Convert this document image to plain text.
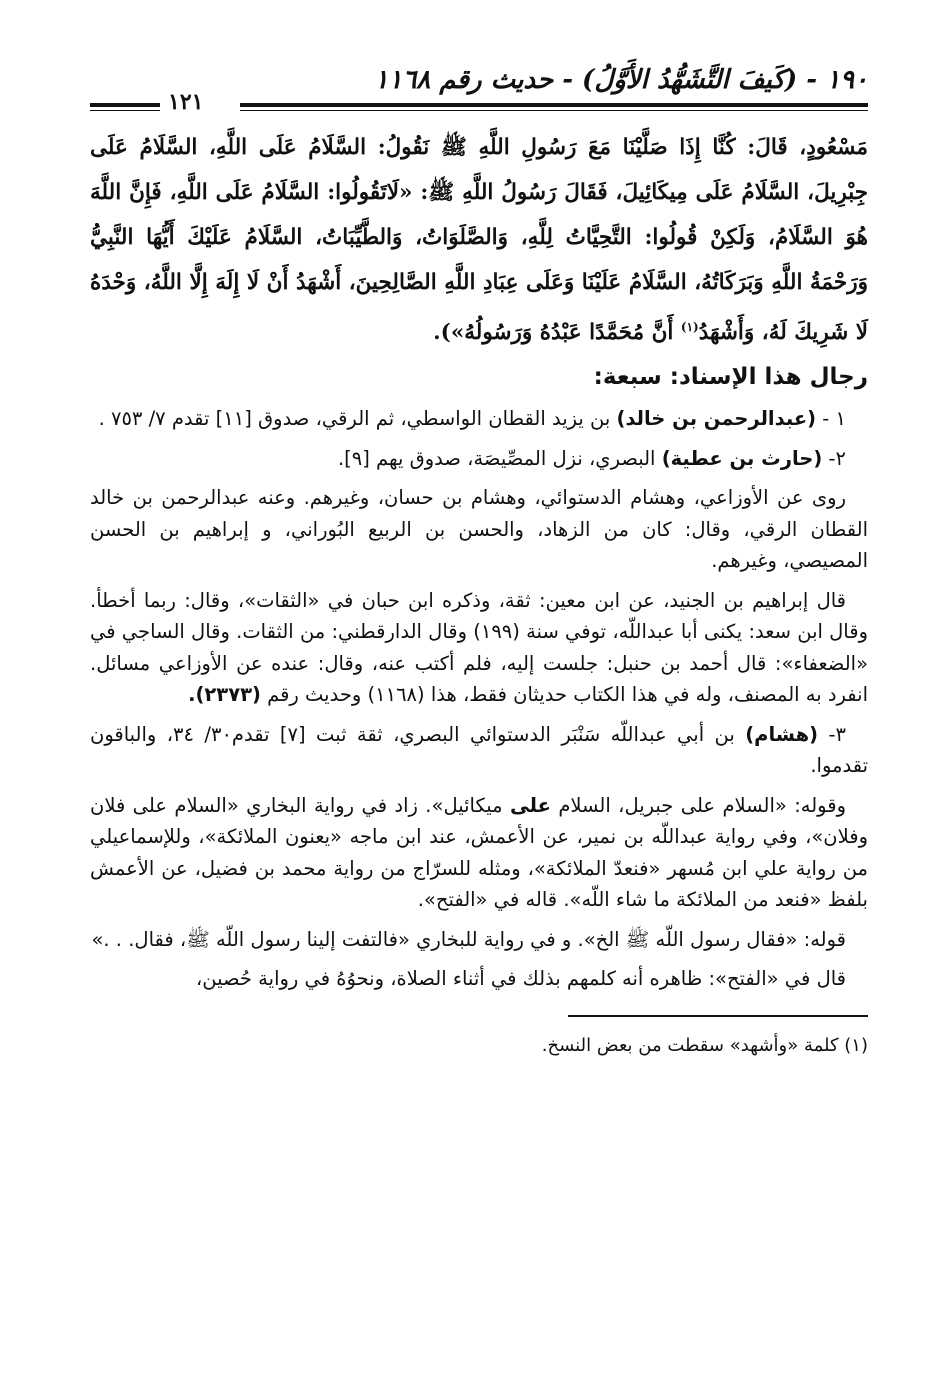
١٩٠ - (كَيفَ التَّشَهُّدُ الأَوَّلُ) - حديث رقم ١١٦٨
١٢١

مَسْعُودٍ، قَالَ: كُنَّا إِذَا صَلَّيْنَا مَعَ رَسُولِ اللَّهِ ﷺ نَقُولُ: السَّلَامُ عَلَى اللَّهِ، السَّلَامُ عَلَى جِبْرِيلَ، السَّلَامُ عَلَى مِيكَائِيلَ، فَقَالَ رَسُولُ اللَّهِ ﷺ: «لَاتَقُولُوا: السَّلَامُ عَلَى اللَّهِ، فَإِنَّ اللَّهَ هُوَ السَّلَامُ، وَلَكِنْ قُولُوا: التَّحِيَّاتُ لِلَّهِ، وَالصَّلَوَاتُ، وَالطَّيِّبَاتُ، السَّلَامُ عَلَيْكَ أَيُّهَا النَّبِيُّ وَرَحْمَةُ اللَّهِ وَبَرَكَاتُهُ، السَّلَامُ عَلَيْنَا وَعَلَى عِبَادِ اللَّهِ الصَّالِحِينَ، أَشْهَدُ أَنْ لَا إِلَهَ إِلَّا اللَّهُ، وَحْدَهُ لَا شَرِيكَ لَهُ، وَأَشْهَدُ$^{(١)}$ أَنَّ مُحَمَّدًا عَبْدُهُ وَرَسُولُهُ»).

رجال هذا الإسناد: سبعة:

١ - (عبدالرحمن بن خالد) بن يزيد القطان الواسطي، ثم الرقي، صدوق [١١] تقدم ٧/ ٧٥٣ .

٢- (حارث بن عطية) البصري، نزل المصِّيصَة، صدوق يهم [٩].

روى عن الأوزاعي، وهشام الدستوائي، وهشام بن حسان، وغيرهم. وعنه عبدالرحمن بن خالد القطان الرقي، وقال: كان من الزهاد، والحسن بن الربيع البُوراني، و إبراهيم بن الحسن المصيصي، وغيرهم.

قال إبراهيم بن الجنيد، عن ابن معين: ثقة، وذكره ابن حبان في «الثقات»، وقال: ربما أخطأ. وقال ابن سعد: يكنى أبا عبداللّه، توفي سنة (١٩٩) وقال الدارقطني: من الثقات. وقال الساجي في «الضعفاء»: قال أحمد بن حنبل: جلست إليه، فلم أكتب عنه، وقال: عنده عن الأوزاعي مسائل. انفرد به المصنف، وله في هذا الكتاب حديثان فقط، هذا (١١٦٨) وحديث رقم (٢٣٧٣).

٣- (هشام) بن أبي عبداللّه سَنْبَر الدستوائي البصري، ثقة ثبت [٧] تقدم٣٠/ ٣٤، والباقون تقدموا.

وقوله: «السلام على جبريل، السلام على ميكائيل». زاد في رواية البخاري «السلام على فلان وفلان»، وفي رواية عبداللّه بن نمير، عن الأعمش، عند ابن ماجه «يعنون الملائكة»، وللإسماعيلي من رواية علي ابن مُسهر «فنعدّ الملائكة»، ومثله للسرّاج من رواية محمد بن فضيل، عن الأعمش بلفظ «فنعد من الملائكة ما شاء اللّه». قاله في «الفتح».

قوله: «فقال رسول اللّه ﷺ الخ». و في رواية للبخاري «فالتفت إلينا رسول اللّه ﷺ، فقال. . .»

قال في «الفتح»: ظاهره أنه كلمهم بذلك في أثناء الصلاة، ونحوُهُ في رواية حُصين،

(١) كلمة «وأشهد» سقطت من بعض النسخ.
